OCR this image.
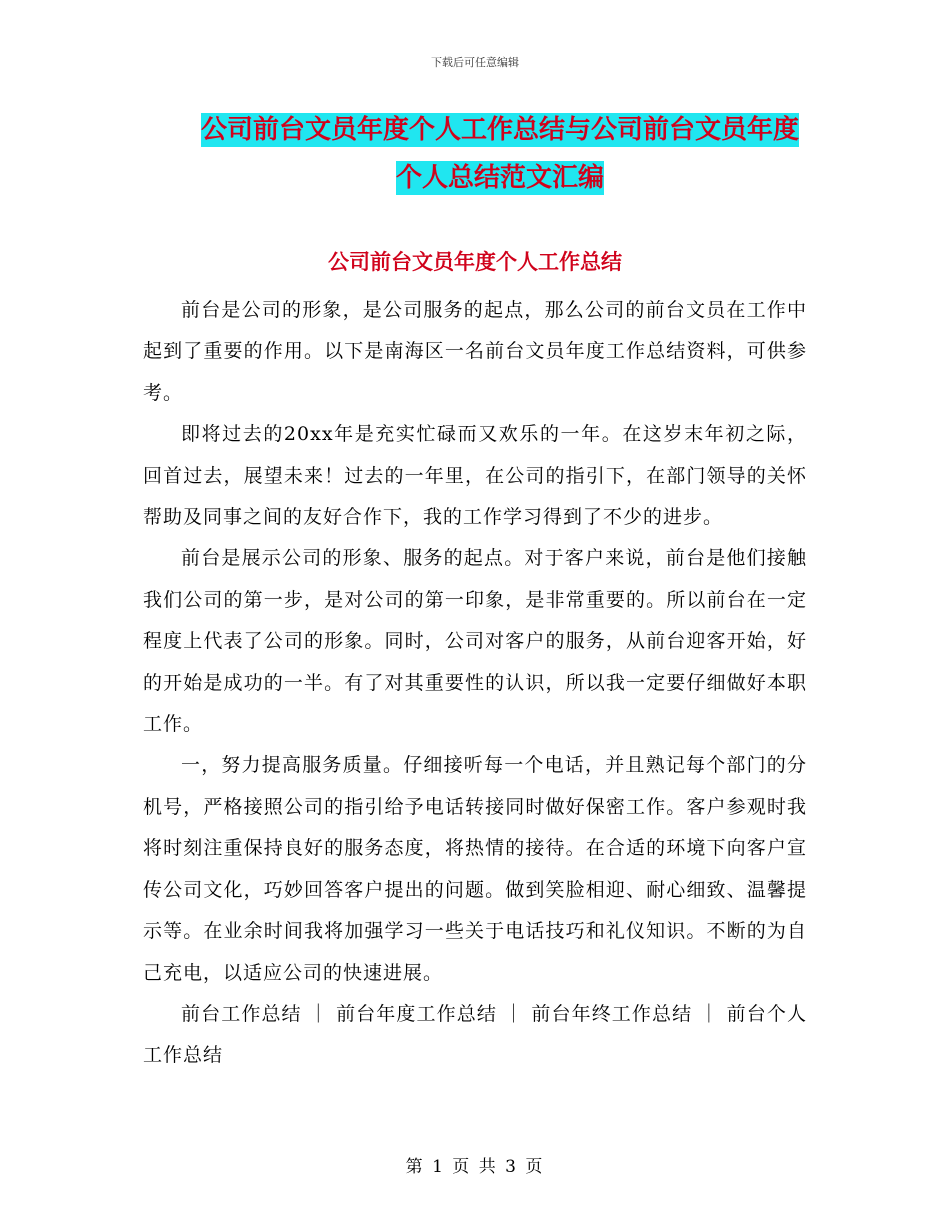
下载后可任意编辑
公司前台文员年度个人工作总结与公司前台文员年度
个人总结范文汇编
公司前台文员年度个人工作总结

前台是公司的形象，是公司服务的起点，那么公司的前台文员在工作中起到了重要的作用。以下是南海区一名前台文员年度工作总结资料，可供参考。

即将过去的20xx年是充实忙碌而又欢乐的一年。在这岁末年初之际，回首过去，展望未来！过去的一年里，在公司的指引下，在部门领导的关怀帮助及同事之间的友好合作下，我的工作学习得到了不少的进步。

前台是展示公司的形象、服务的起点。对于客户来说，前台是他们接触我们公司的第一步，是对公司的第一印象，是非常重要的。所以前台在一定程度上代表了公司的形象。同时，公司对客户的服务，从前台迎客开始，好的开始是成功的一半。有了对其重要性的认识，所以我一定要仔细做好本职工作。

一，努力提高服务质量。仔细接听每一个电话，并且熟记每个部门的分机号，严格接照公司的指引给予电话转接同时做好保密工作。客户参观时我将时刻注重保持良好的服务态度，将热情的接待。在合适的环境下向客户宣传公司文化，巧妙回答客户提出的问题。做到笑脸相迎、耐心细致、温馨提示等。在业余时间我将加强学习一些关于电话技巧和礼仪知识。不断的为自己充电，以适应公司的快速进展。

前台工作总结 ｜ 前台年度工作总结 ｜ 前台年终工作总结 ｜ 前台个人工作总结

第 1 页 共 3 页
